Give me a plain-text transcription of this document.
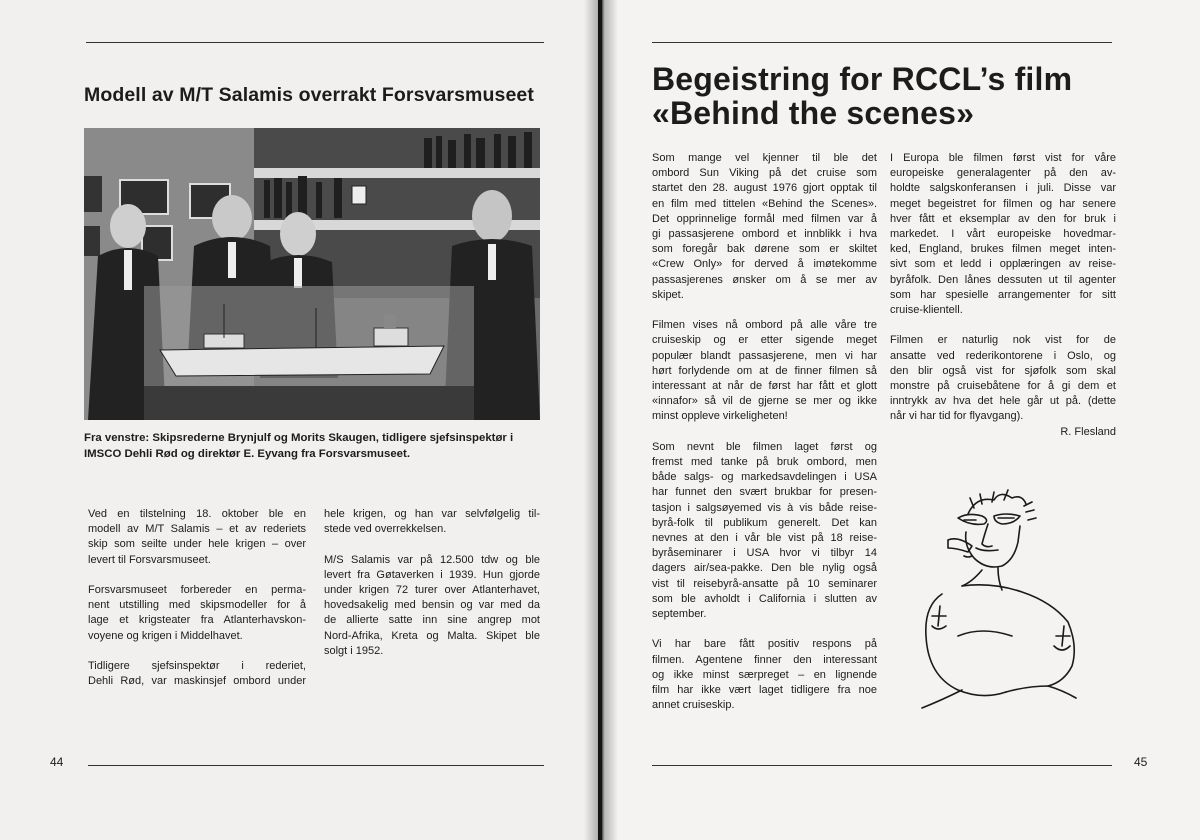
Modell av M/T Salamis overrakt Forsvarsmuseet

Fra venstre: Skipsrederne Brynjulf og Morits Skaugen, tidligere sjefsinspektør i
IMSCO Dehli Rød og direktør E. Eyvang fra Forsvarsmuseet.

Ved en tilstelning 18. oktober ble en
modell av M/T Salamis – et av rederiets
skip som seilte under hele krigen – over
levert til Forsvarsmuseet.

Forsvarsmuseet forbereder en perma-
nent utstilling med skipsmodeller for å
lage et krigsteater fra Atlanterhavskon-
voyene og krigen i Middelhavet.

Tidligere sjefsinspektør i rederiet,
Dehli Rød, var maskinsjef ombord under

hele krigen, og han var selvfølgelig til-
stede ved overrekkelsen.

M/S Salamis var på 12.500 tdw og ble
levert fra Gøtaverken i 1939. Hun gjorde
under krigen 72 turer over Atlanterhavet,
hovedsakelig med bensin og var med da
de allierte satte inn sine angrep mot
Nord-Afrika, Kreta og Malta. Skipet ble
solgt i 1952.

44
Begeistring for RCCL’s film
«Behind the scenes»

Som mange vel kjenner til ble det
ombord Sun Viking på det cruise som
startet den 28. august 1976 gjort opptak til
en film med tittelen «Behind the Scenes».
Det opprinnelige formål med filmen var å
gi passasjerene ombord et innblikk i hva
som foregår bak dørene som er skiltet
«Crew Only» for derved å imøtekomme
passasjerenes ønsker om å se mer av
skipet.

Filmen vises nå ombord på alle våre tre
cruiseskip og er etter sigende meget
populær blandt passasjerene, men vi har
hørt forlydende om at de finner filmen så
interessant at når de først har fått et glott
«innafor» så vil de gjerne se mer og ikke
minst oppleve virkeligheten!

Som nevnt ble filmen laget først og
fremst med tanke på bruk ombord, men
både salgs- og markedsavdelingen i USA
har funnet den svært brukbar for presen-
tasjon i salgsøyemed vis à vis både reise-
byrå-folk til publikum generelt. Det kan
nevnes at den i vår ble vist på 18 reise-
byråseminarer i USA hvor vi tilbyr 14
dagers air/sea-pakke. Den ble nylig også
vist til reisebyrå-ansatte på 10 seminarer
som ble avholdt i California i slutten av
september.

Vi har bare fått positiv respons på
filmen. Agentene finner den interessant
og ikke minst særpreget – en lignende
film har ikke vært laget tidligere fra noe
annet cruiseskip.

I Europa ble filmen først vist for våre
europeiske generalagenter på den av-
holdte salgskonferansen i juli. Disse var
meget begeistret for filmen og har senere
hver fått et eksemplar av den for bruk i
markedet. I vårt europeiske hovedmar-
ked, England, brukes filmen meget inten-
sivt som et ledd i opplæringen av reise-
byråfolk. Den lånes dessuten ut til agenter
som har spesielle arrangementer for sitt
cruise-klientell.

Filmen er naturlig nok vist for de
ansatte ved rederikontorene i Oslo, og
den blir også vist for sjøfolk som skal
monstre på cruisebåtene for å gi dem et
inntrykk av hva det hele går ut på. (dette
når vi har tid for flyavgang).

R. Flesland
45
